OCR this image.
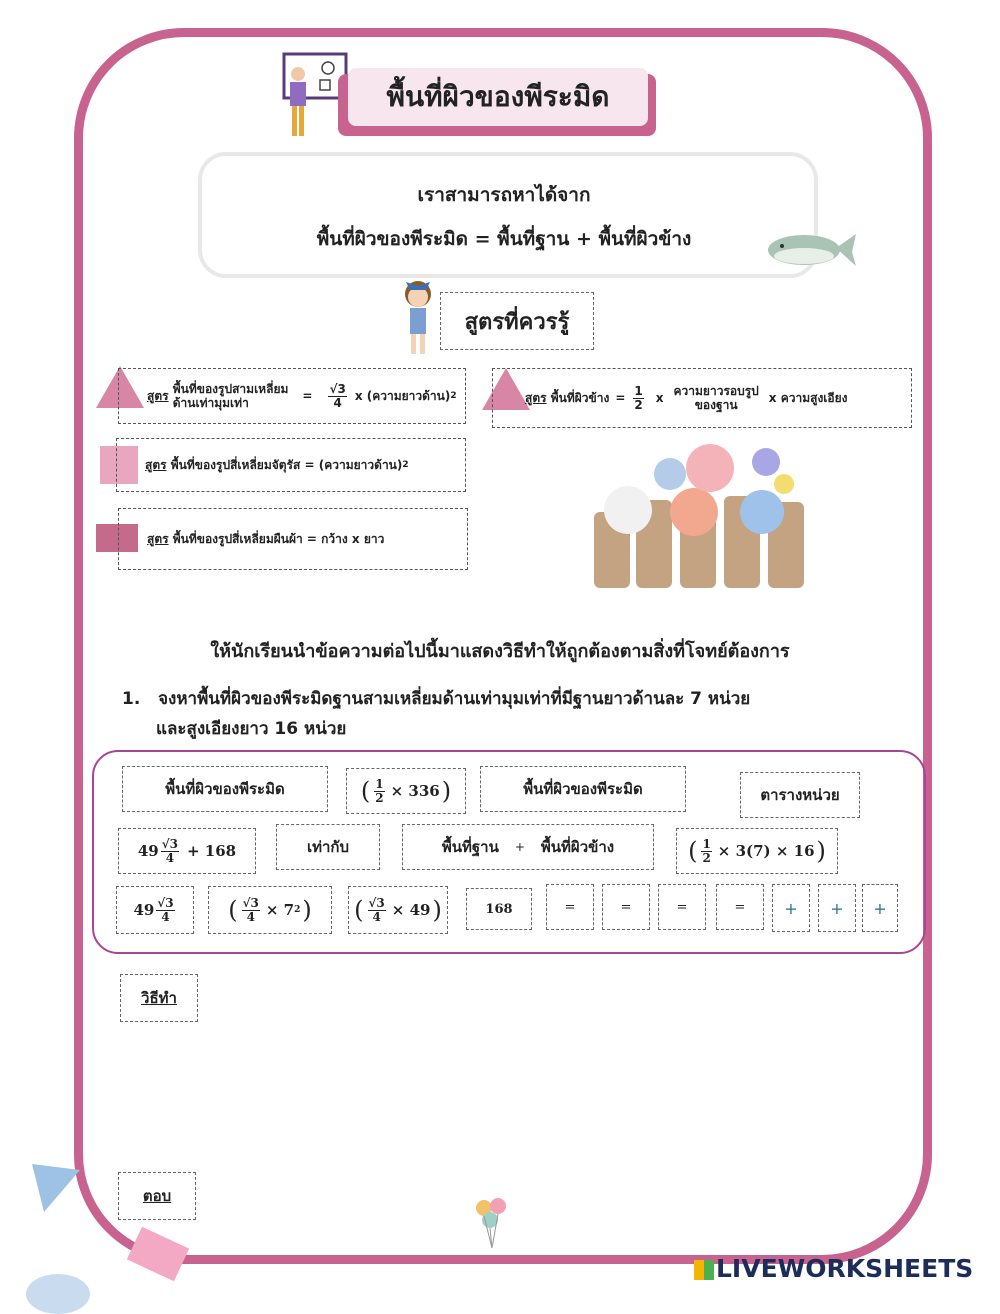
พื้นที่ผิวของพีระมิด
เราสามารถหาได้จาก
พื้นที่ผิวของพีระมิด = พื้นที่ฐาน + พื้นที่ผิวข้าง
สูตรที่ควรรู้
สูตร
พื้นที่ของรูปสามเหลี่ยม
ด้านเท่ามุมเท่า	= $\frac{√3}{4}$ x (ความยาวด้าน) 2	สูตร
พื้นที่ผิวข้าง = $\frac{1}{2}$ x ความยาวรอบรูป
ของฐาน
x ความสูงเอียง
สูตร
พื้นที่ของรูปสี่เหลี่ยมจัตุรัส = (ความยาวด้าน) 2
สูตร
พื้นที่ของรูปสี่เหลี่ยมผืนผ้า = กว้าง x ยาว
ให้นักเรียนนำข้อความต่อไปนี้มาแสดงวิธีทำให้ถูกต้องตามสิ่งที่โจทย์ต้องการ
1. จงหาพื้นที่ผิวของพีระมิดฐานสามเหลี่ยมด้านเท่ามุมเท่าที่มีฐานยาวด้านละ 7 หน่วย
และสูงเอียงยาว 16 หน่วย
พื้นที่ผิวของพีระมิด	( $\frac{1}{2} \times 336$ )	พื้นที่ผิวของพีระมิด	ตารางหน่วย
$49 \frac{√3}{4} + 168$	เท่ากับ	พื้นที่ฐาน + พื้นที่ผิวข้าง	( $\frac{1}{2} \times 3(7) \times 16$ )
$49 \frac{√3}{4}$ ( $\frac{√3}{4} \times 7$ 2 ) ( $\frac{√3}{4} \times 49$ )	168	=	=	=	=	+	+	+
วิธีทำ
ตอบ
LIVEWORKSHEETS
